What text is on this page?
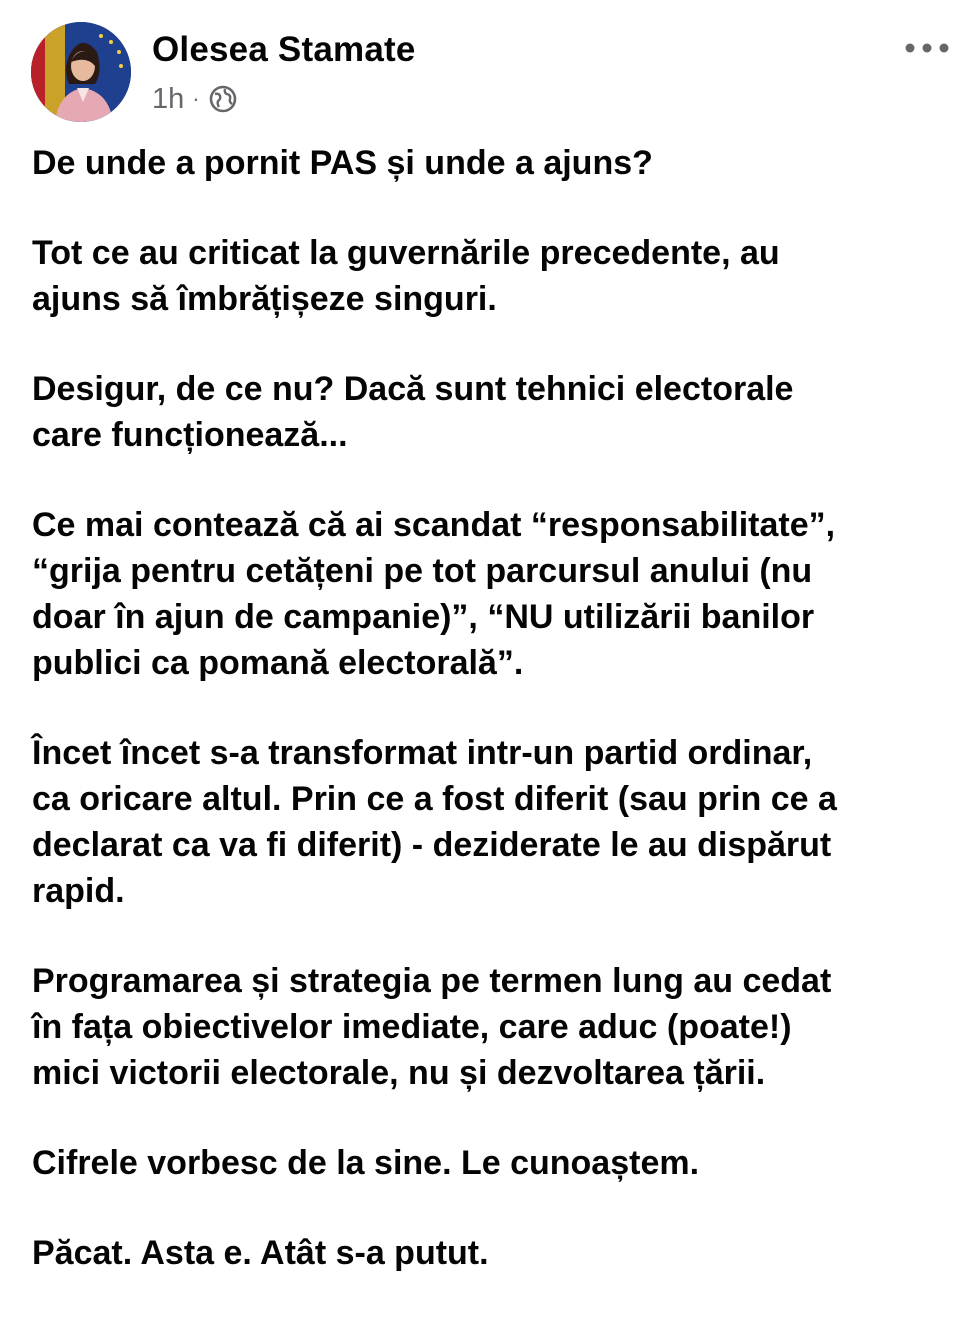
Olesea Stamate
1h ·

De unde a pornit PAS și unde a ajuns?

Tot ce au criticat la guvernările precedente, au
ajuns să îmbrățișeze singuri.

Desigur, de ce nu? Dacă sunt tehnici electorale
care funcționează...

Ce mai contează că ai scandat “responsabilitate”,
“grija pentru cetățeni pe tot parcursul anului (nu
doar în ajun de campanie)”, “NU utilizării banilor
publici ca pomană electorală”.

Încet încet s-a transformat intr-un partid ordinar,
ca oricare altul. Prin ce a fost diferit (sau prin ce a
declarat ca va fi diferit) - deziderate le au dispărut
rapid.

Programarea și strategia pe termen lung au cedat
în fața obiectivelor imediate, care aduc (poate!)
mici victorii electorale, nu și dezvoltarea țării.

Cifrele vorbesc de la sine. Le cunoaștem.

Păcat. Asta e. Atât s-a putut.
